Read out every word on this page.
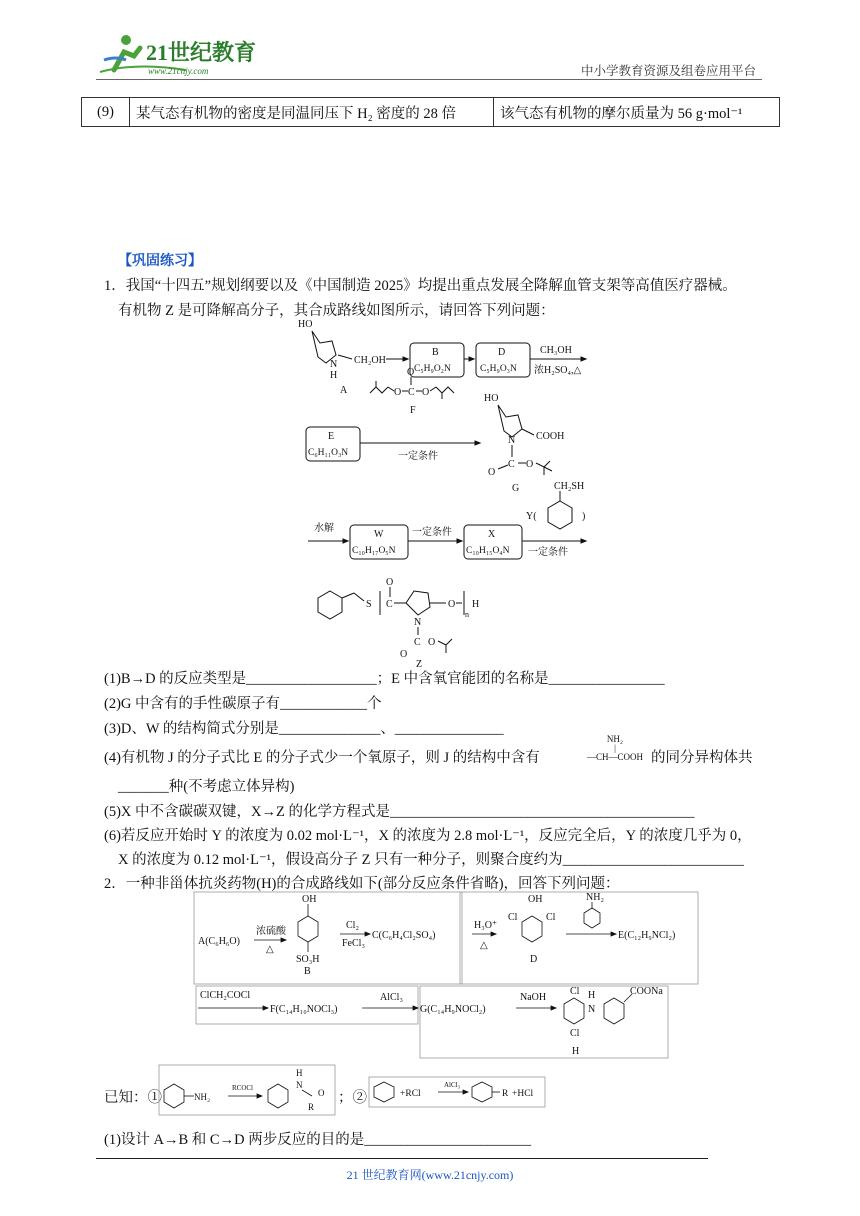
21世纪教育
www.21cnjy.com	中小学教育资源及组卷应用平台
(9)	某气态有机物的密度是同温同压下 H₂ 密度的 28 倍	该气态有机物的摩尔质量为 56 g·mol⁻¹
【巩固练习】
1．我国“十四五”规划纲要以及《中国制造 2025》均提出重点发展全降解血管支架等高值医疗器械。
有机物 Z 是可降解高分子，其合成路线如图所示，请回答下列问题：
HO
N
H
CH₂OH
A
B
C₅H₉O₂N
D
C₅H₉O₃N
CH₃OH
浓H₂SO₄,△
E
C₆H₁₁O₃N
O C
O
O
F
一定条件
HO
N COOH
C
O
O
G
水解
W
C₁₀H₁₇O₅N
一定条件	X
C₁₀H₁₅O₄N 一定条件
Y(
CH₂SH
)
S C
O
N
O
n
H
C
O
O
Z
(1)B→D 的反应类型是__________________；E 中含氧官能团的名称是________________
(2)G 中含有的手性碳原子有____________个
(3)D、W 的结构简式分别是______________、_______________
(4)有机物 J 的分子式比 E 的分子式少一个氧原子，则 J 的结构中含有
NH₂
|
—CH—COOH 的同分异构体共
_______种(不考虑立体异构)
(5)X 中不含碳碳双键，X→Z 的化学方程式是__________________________________________
(6)若反应开始时 Y 的浓度为 0.02 mol·L⁻¹，X 的浓度为 2.8 mol·L⁻¹，反应完全后，Y 的浓度几乎为 0，
X 的浓度为 0.12 mol·L⁻¹，假设高分子 Z 只有一种分子，则聚合度约为_________________________
2．一种非甾体抗炎药物(H)的合成路线如下(部分反应条件省略)，回答下列问题：
A(C₆H₆O)
浓硫酸
△
OH
SO₃H
B
Cl₂
FeCl₃
C(C₆H₄Cl₂SO₄)
H₃O⁺
△
OH
Cl	Cl
D
NH₂
E(C₁₂H₉NCl₂)
ClCH₂COCl
F(C₁₄H₁₀NOCl₃)
AlCl₃
G(C₁₄H₉NOCl₂)
NaOH
Cl H
N
COONa
Cl
H
已知：①	NH₂
RCOCl
H
N
O
R
；②	+RCl
AlCl₃
R +HCl
(1)设计 A→B 和 C→D 两步反应的目的是_______________________
21 世纪教育网(www.21cnjy.com)
